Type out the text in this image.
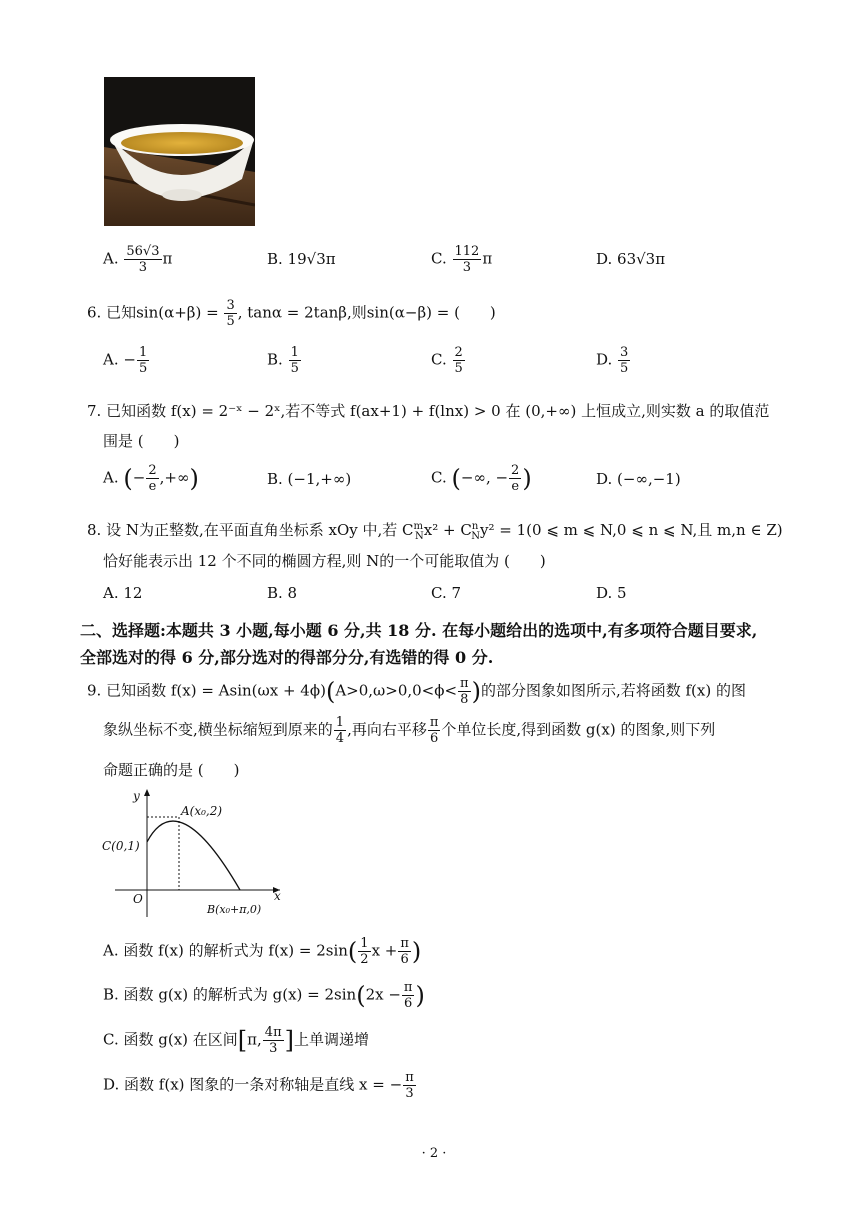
A. $\frac{56√3}{3}$ π	B. 19√3π	C. $\frac{112}{3}$ π	D. 63√3π
6. 已知$\sin(\alpha+\beta) = \frac{3}{5}$ , tanα = 2tanβ,则sin(α−β) = (　　)
A. − $\frac{1}{5}$	B. $\frac{1}{5}$	C. $\frac{2}{5}$	D. $\frac{3}{5}$
7. 已知函数 f(x) = 2⁻ˣ − 2ˣ,若不等式 f(ax+1) + f(lnx) > 0 在 (0,+∞) 上恒成立,则实数 a 的取值范
围是 (　　)
A. (− $\frac{2}{e}$ ,+∞)	B. (−1,+∞)	C. (−∞, − $\frac{2}{e}$ )	D. (−∞,−1)
8. 设 N为正整数,在平面直角坐标系 xOy 中,若 $C^m_Nx^2 + C^n_Ny^2 = 1(0$ ⩽ m ⩽ N,0 ⩽ n ⩽ N,且 m,n ∈ Z)
恰好能表示出 12 个不同的椭圆方程,则 N的一个可能取值为 (　　)
A. 12	B. 8	C. 7	D. 5
二、选择题:本题共 3 小题,每小题 6 分,共 18 分. 在每小题给出的选项中,有多项符合题目要求,
全部选对的得 6 分,部分选对的得部分分,有选错的得 0 分.
9. 已知函数 $f(x) = Asin(\omega x + 4\phi)(A>0,\omega>0,0<\phi< \frac{\pi}{8}$ )的部分图象如图所示,若将函数 f(x) 的图
象纵坐标不变,横坐标缩短到原来的 $\frac{1}{4}$ ,再向右平移 $\frac{\pi}{6}$ 个单位长度,得到函数 g(x) 的图象,则下列
命题正确的是 (　　)
y
x
O
A(x₀,2)
B(x₀+π,0)
C(0,1)
A. 函数 f(x) 的解析式为 $f(x) = 2\sin( \frac{1}{2}$ $x + \frac{\pi}{6}$ )
B. 函数 g(x) 的解析式为 $g(x) = 2\sin(2x - \frac{\pi}{6}$ )
C. 函数 g(x) 在区间[π, $\frac{4\pi}{3}$ ]上单调递增
D. 函数 f(x) 图象的一条对称轴是直线 x = − $\frac{\pi}{3}$
· 2 ·
